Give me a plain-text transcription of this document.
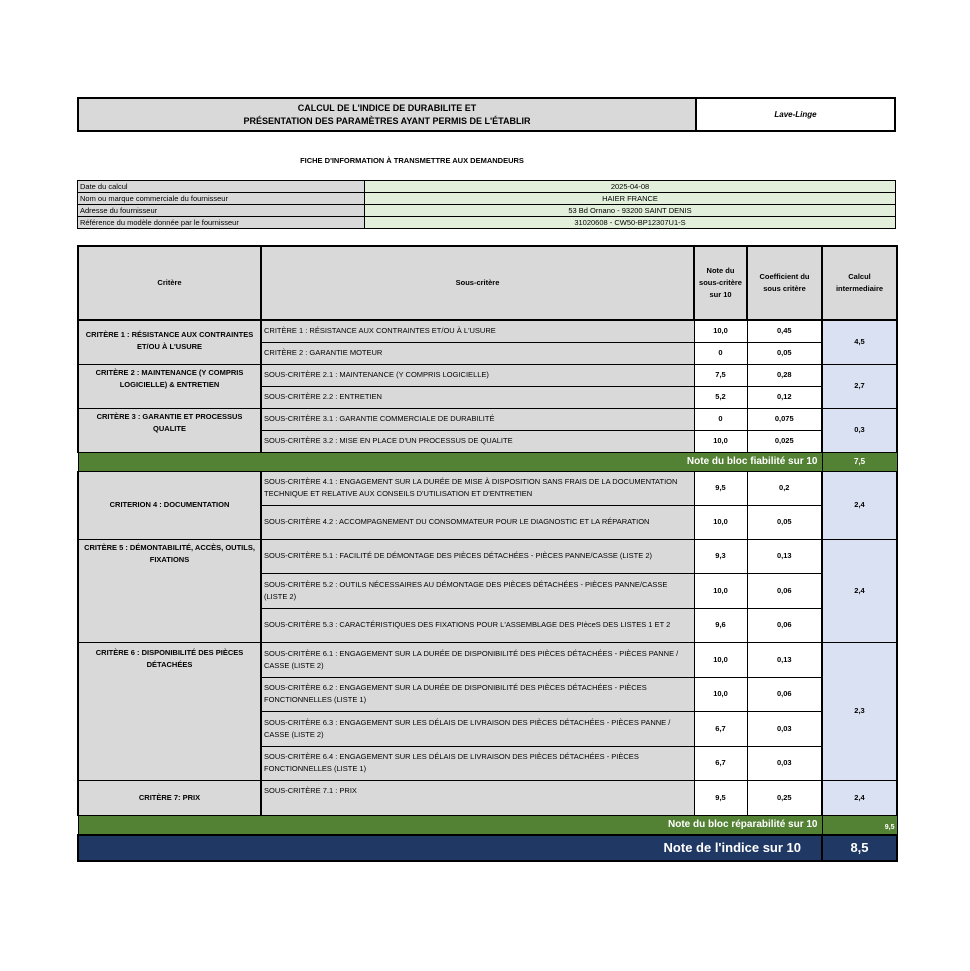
CALCUL DE L'INDICE DE DURABILITE ET
PRÉSENTATION DES PARAMÈTRES AYANT PERMIS DE L'ÉTABLIR
	Lave-Linge
FICHE D'INFORMATION À TRANSMETTRE AUX DEMANDEURS
Date du calcul	2025-04-08
Nom ou marque commerciale du fournisseur	HAIER FRANCE
Adresse du fournisseur	53 Bd Ornano - 93200 SAINT DENIS
Référence du modèle donnée par le fournisseur	31020608 - CW50-BP12307U1-S
Critère	Sous-critère	Note du sous-critère sur 10	Coefficient du sous critère	Calcul intermediaire
CRITÈRE 1 : RÉSISTANCE AUX CONTRAINTES ET/OU À L'USURE	CRITÈRE 1 : RÉSISTANCE AUX CONTRAINTES ET/OU À L'USURE	10,0	0,45	4,5
	CRITÈRE 2 : GARANTIE MOTEUR	0	0,05	
CRITÈRE 2 : MAINTENANCE (Y COMPRIS LOGICIELLE) & ENTRETIEN	SOUS-CRITÈRE 2.1 : MAINTENANCE (Y COMPRIS LOGICIELLE)	7,5	0,28	2,7
	SOUS-CRITÈRE 2.2 : ENTRETIEN	5,2	0,12	
CRITÈRE 3 : GARANTIE ET PROCESSUS QUALITE	SOUS-CRITÈRE 3.1 : GARANTIE COMMERCIALE DE DURABILITÉ	0	0,075	0,3
	SOUS-CRITÈRE 3.2 : MISE EN PLACE D'UN PROCESSUS DE QUALITE	10,0	0,025	
Note du bloc fiabilité sur 10				7,5
CRITERION 4 : DOCUMENTATION	SOUS-CRITÈRE 4.1 : ENGAGEMENT SUR LA DURÉE DE MISE À DISPOSITION SANS FRAIS DE LA DOCUMENTATION TECHNIQUE ET RELATIVE AUX CONSEILS D'UTILISATION ET D'ENTRETIEN	9,5	0,2	2,4
	SOUS-CRITÈRE 4.2 : ACCOMPAGNEMENT DU CONSOMMATEUR POUR LE DIAGNOSTIC ET LA RÉPARATION	10,0	0,05	
CRITÈRE 5 : DÉMONTABILITÉ, ACCÈS, OUTILS, FIXATIONS	SOUS-CRITÈRE 5.1 : FACILITÉ DE DÉMONTAGE DES PIÈCES DÉTACHÉES - PIÈCES PANNE/CASSE (LISTE 2)	9,3	0,13	2,4
	SOUS-CRITÈRE 5.2 : OUTILS NÉCESSAIRES AU DÉMONTAGE DES PIÈCES DÉTACHÉES - PIÈCES PANNE/CASSE (LISTE 2)	10,0	0,06	
	SOUS-CRITÈRE 5.3 : CARACTÉRISTIQUES DES FIXATIONS POUR L'ASSEMBLAGE DES PIèceS DES LISTES 1 ET 2	9,6	0,06	
CRITÈRE 6 : DISPONIBILITÉ DES PIÈCES DÉTACHÉES	SOUS-CRITÈRE 6.1 : ENGAGEMENT SUR LA DURÉE DE DISPONIBILITÉ DES PIÈCES DÉTACHÉES - PIÈCES PANNE / CASSE (LISTE 2)	10,0	0,13	2,3
	SOUS-CRITÈRE 6.2 : ENGAGEMENT SUR LA DURÉE DE DISPONIBILITÉ DES PIÈCES DÉTACHÉES - PIÈCES FONCTIONNELLES (LISTE 1)	10,0	0,06	
	SOUS-CRITÈRE 6.3 : ENGAGEMENT SUR LES DÉLAIS DE LIVRAISON DES PIÈCES DÉTACHÉES - PIÈCES PANNE / CASSE (LISTE 2)	6,7	0,03	
	SOUS-CRITÈRE 6.4 : ENGAGEMENT SUR LES DÉLAIS DE LIVRAISON DES PIÈCES DÉTACHÉES - PIÈCES FONCTIONNELLES (LISTE 1)	6,7	0,03	
CRITÈRE 7: PRIX	SOUS-CRITÈRE 7.1 : PRIX	9,5	0,25	2,4
Note du bloc réparabilité sur 10				9,5
Note de l'indice sur 10				8,5
